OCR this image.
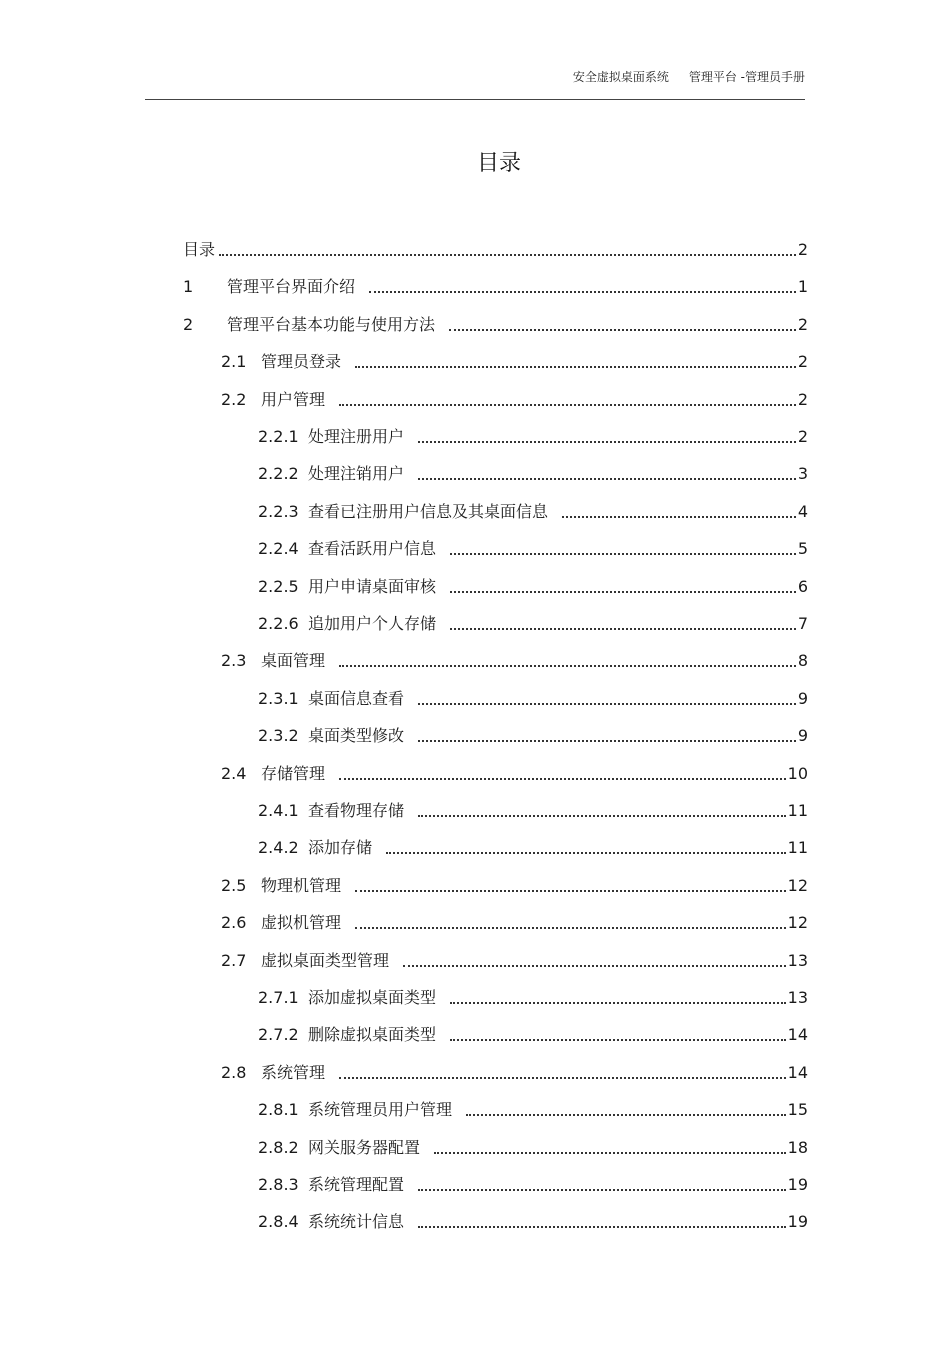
安全虚拟桌面系统 管理平台 -管理员手册
目录
目录	2
1	管理平台界面介绍	1
2	管理平台基本功能与使用方法	2
2.1 管理员登录	2
2.2 用户管理	2
2.2.1 处理注册用户	2
2.2.2 处理注销用户	3
2.2.3 查看已注册用户信息及其桌面信息	4
2.2.4 查看活跃用户信息	5
2.2.5 用户申请桌面审核	6
2.2.6 追加用户个人存储	7
2.3 桌面管理	8
2.3.1 桌面信息查看	9
2.3.2 桌面类型修改	9
2.4 存储管理	10
2.4.1 查看物理存储	11
2.4.2 添加存储	11
2.5 物理机管理	12
2.6 虚拟机管理	12
2.7 虚拟桌面类型管理	13
2.7.1 添加虚拟桌面类型	13
2.7.2 删除虚拟桌面类型	14
2.8 系统管理	14
2.8.1 系统管理员用户管理	15
2.8.2 网关服务器配置	18
2.8.3 系统管理配置	19
2.8.4 系统统计信息	19
